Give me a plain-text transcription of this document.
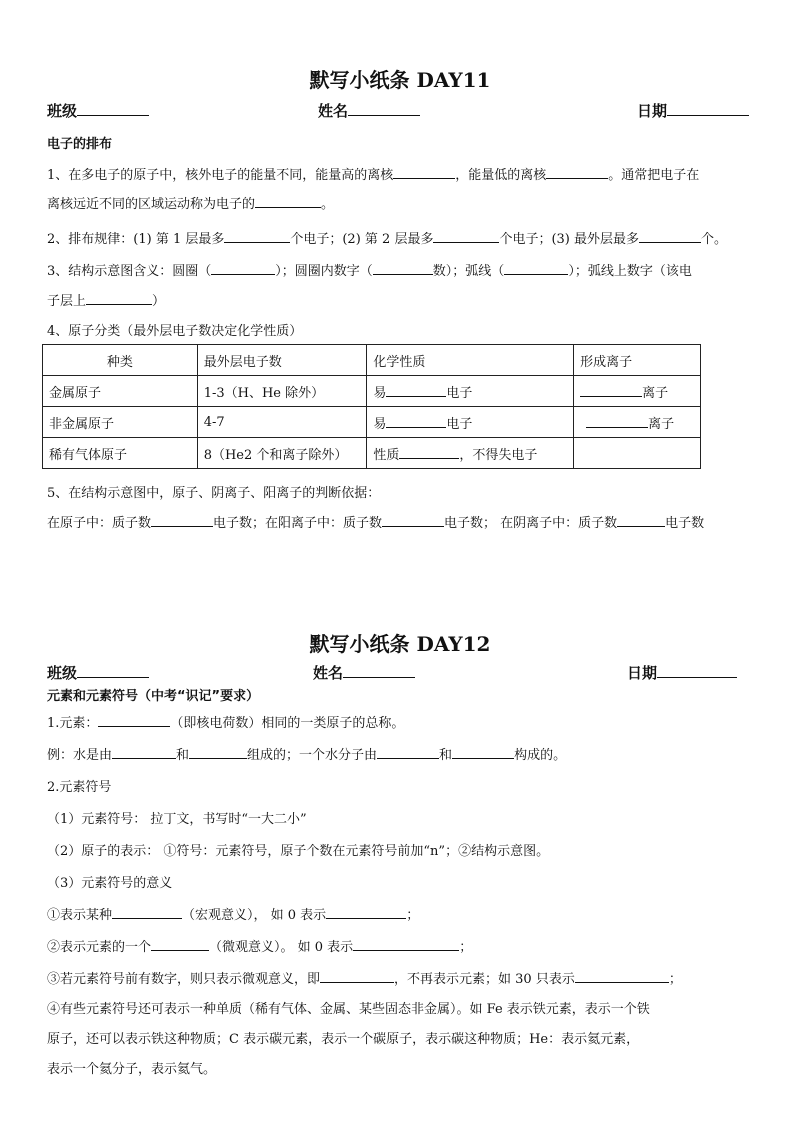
默写小纸条 DAY11
班级	姓名	日期
电子的排布
1、在多电子的原子中，核外电子的能量不同，能量高的离核	，能量低的离核	。通常把电子在
离核远近不同的区域运动称为电子的	。
2、排布规律：(1) 第 1 层最多	个电子；(2) 第 2 层最多	个电子；(3) 最外层最多	个。
3、结构示意图含义：圆圈（	）；圆圈内数字（	数）；弧线（	）；弧线上数字（该电
子层上	）
4、原子分类（最外层电子数决定化学性质）
种类	最外层电子数	化学性质	形成离子
金属原子	1-3（H、He 除外）	易 电子	离子
非金属原子	4-7	易 电子	离子
稀有气体原子	8（He2 个和离子除外）	性质 ，不得失电子	
5、在结构示意图中，原子、阴离子、阳离子的判断依据：
在原子中：质子数	电子数；在阳离子中：质子数	电子数； 在阴离子中：质子数	电子数
默写小纸条 DAY12
班级	姓名	日期
元素和元素符号（中考“识记”要求）
1.元素：	（即核电荷数）相同的一类原子的总称。
例：水是由	和	组成的；一个水分子由	和	构成的。
2.元素符号
（1）元素符号： 拉丁文，书写时“一大二小”
（2）原子的表示： ①符号：元素符号，原子个数在元素符号前加“n”；②结构示意图。
（3）元素符号的意义
①表示某种	（宏观意义）， 如 0 表示	；
②表示元素的一个	（微观意义）。 如 0 表示	；
③若元素符号前有数字，则只表示微观意义，即	，不再表示元素；如 30 只表示	；
④有些元素符号还可表示一种单质（稀有气体、金属、某些固态非金属）。如 Fe 表示铁元素，表示一个铁
原子，还可以表示铁这种物质；C 表示碳元素，表示一个碳原子，表示碳这种物质；He：表示氦元素，
表示一个氦分子，表示氦气。
